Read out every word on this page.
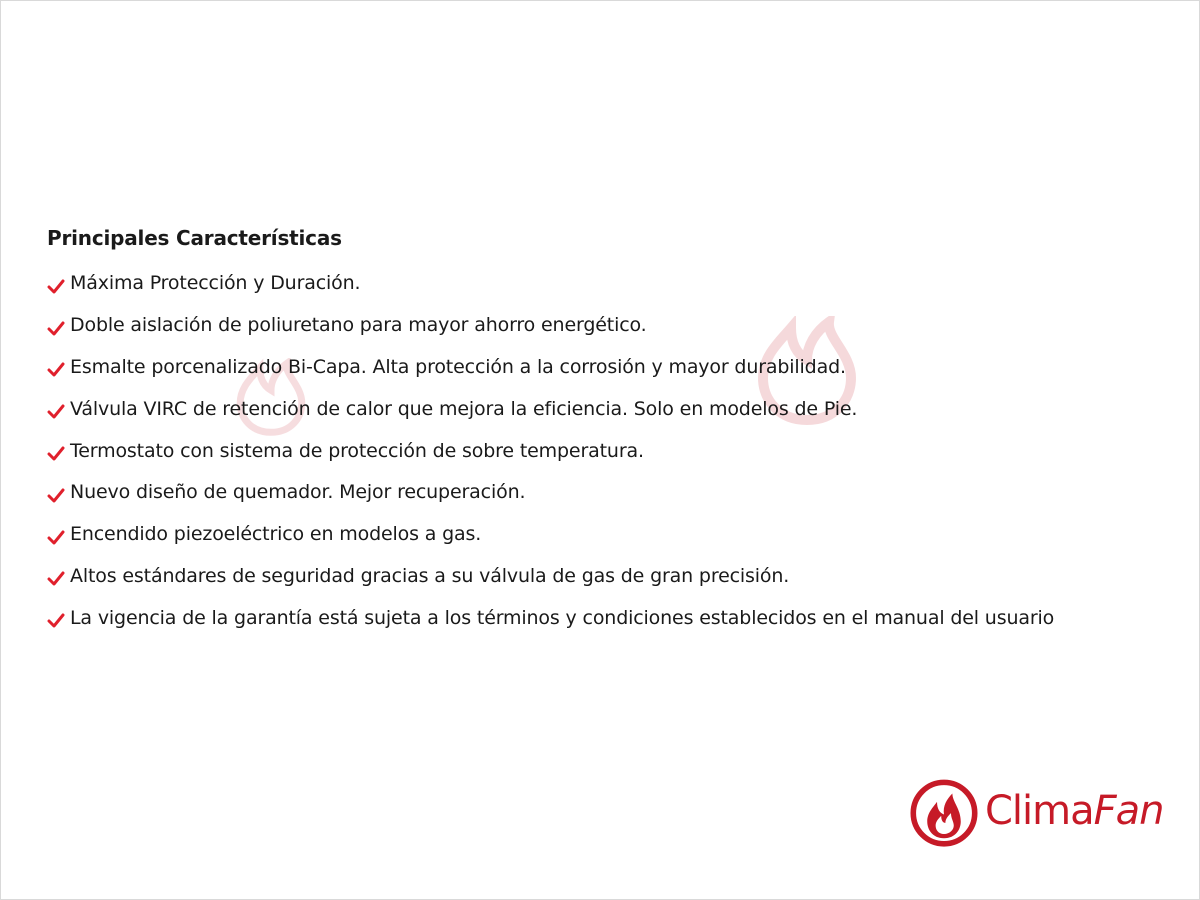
Principales Características
Máxima Protección y Duración.
Doble aislación de poliuretano para mayor ahorro energético.
Esmalte porcenalizado Bi-Capa. Alta protección a la corrosión y mayor durabilidad.
Válvula VIRC de retención de calor que mejora la eficiencia. Solo en modelos de Pie.
Termostato con sistema de protección de sobre temperatura.
Nuevo diseño de quemador. Mejor recuperación.
Encendido piezoeléctrico en modelos a gas.
Altos estándares de seguridad gracias a su válvula de gas de gran precisión.
La vigencia de la garantía está sujeta a los términos y condiciones establecidos en el manual del usuario
ClimaFan
